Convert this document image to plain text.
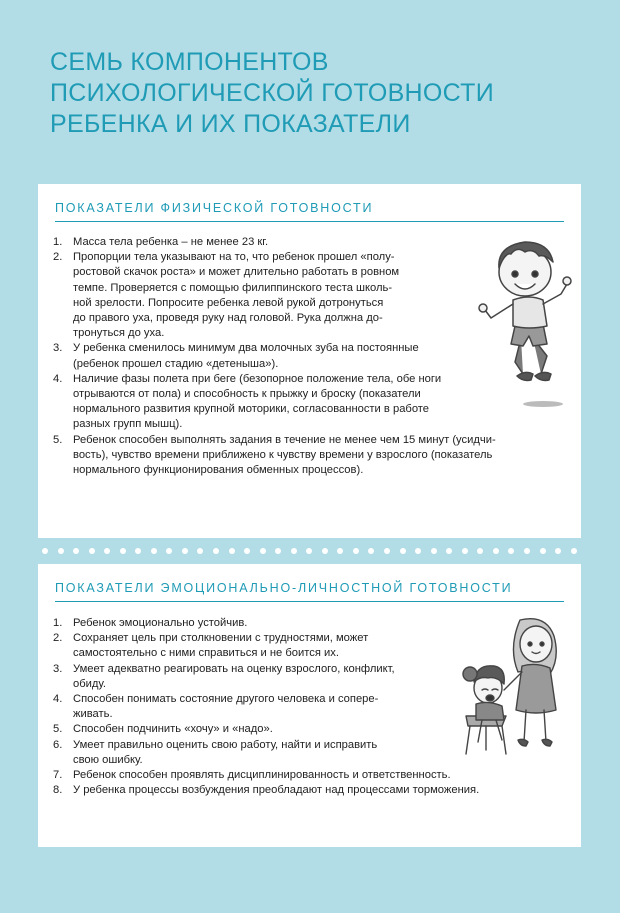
СЕМЬ КОМПОНЕНТОВ
ПСИХОЛОГИЧЕСКОЙ ГОТОВНОСТИ
РЕБЕНКА И ИХ ПОКАЗАТЕЛИ
ПОКАЗАТЕЛИ ФИЗИЧЕСКОЙ ГОТОВНОСТИ
1. Масса тела ребенка – не менее 23 кг.
2. Пропорции тела указывают на то, что ребенок прошел «полу-
ростовой скачок роста» и может длительно работать в ровном
темпе. Проверяется с помощью филиппинского теста школь-
ной зрелости. Попросите ребенка левой рукой дотронуться
до правого уха, проведя руку над головой. Рука должна до-
тронуться до уха.
3. У ребенка сменилось минимум два молочных зуба на постоянные
(ребенок прошел стадию «детеныша»).
4. Наличие фазы полета при беге (безопорное положение тела, обе ноги
отрываются от пола) и способность к прыжку и броску (показатели
нормального развития крупной моторики, согласованности в работе
разных групп мышц).
5. Ребенок способен выполнять задания в течение не менее чем 15 минут (усидчи-
вость), чувство времени приближено к чувству времени у взрослого (показатель
нормального функционирования обменных процессов).
ПОКАЗАТЕЛИ ЭМОЦИОНАЛЬНО-ЛИЧНОСТНОЙ ГОТОВНОСТИ
1. Ребенок эмоционально устойчив.
2. Сохраняет цель при столкновении с трудностями, может
самостоятельно с ними справиться и не боится их.
3. Умеет адекватно реагировать на оценку взрослого, конфликт,
обиду.
4. Способен понимать состояние другого человека и сопере-
живать.
5. Способен подчинить «хочу» и «надо».
6. Умеет правильно оценить свою работу, найти и исправить
свою ошибку.
7. Ребенок способен проявлять дисциплинированность и ответственность.
8. У ребенка процессы возбуждения преобладают над процессами торможения.
